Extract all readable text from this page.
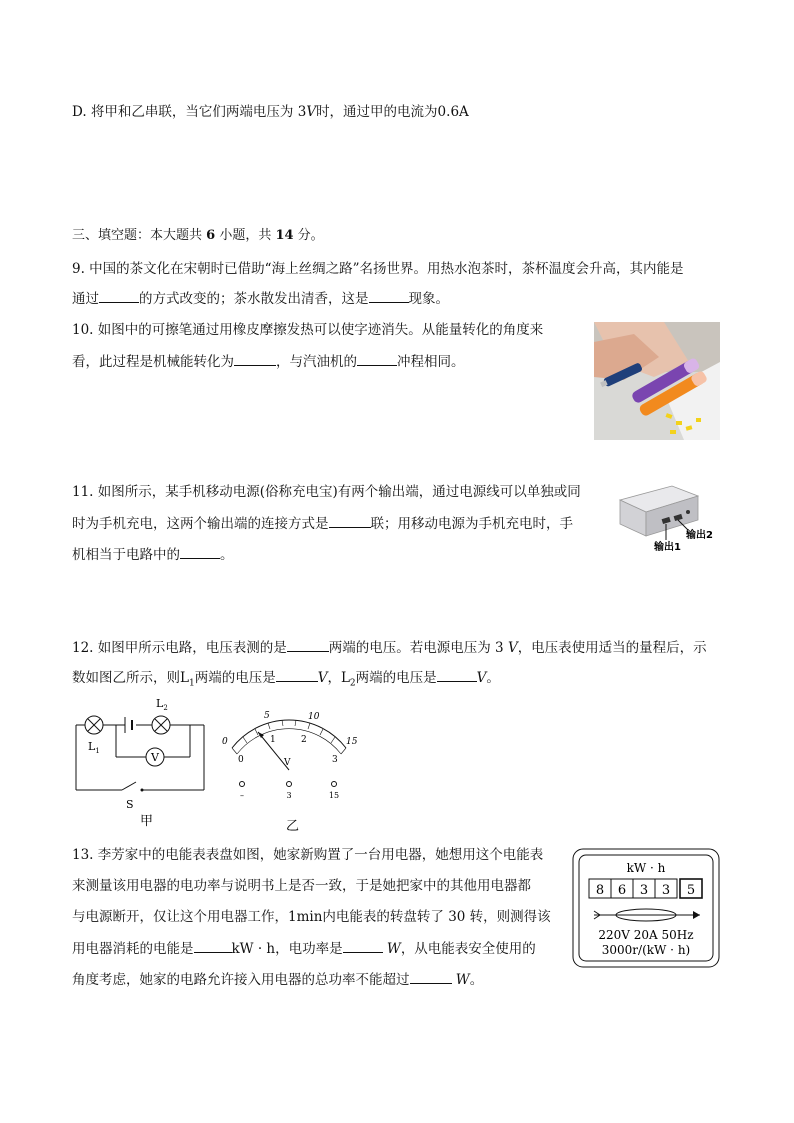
D. 将甲和乙串联，当它们两端电压为 3V时，通过甲的电流为0.6A
三、填空题：本大题共 6 小题，共 14 分。
9. 中国的茶文化在宋朝时已借助“海上丝绸之路”名扬世界。用热水泡茶时，茶杯温度会升高，其内能是
通过	的方式改变的；茶水散发出清香，这是	现象。
10. 如图中的可擦笔通过用橡皮摩擦发热可以使字迹消失。从能量转化的角度来
看，此过程是机械能转化为	，与汽油机的	冲程相同。
11. 如图所示，某手机移动电源(俗称充电宝)有两个输出端，通过电源线可以单独或同
时为手机充电，这两个输出端的连接方式是	联；用移动电源为手机充电时，手
机相当于电路中的	。	输出1
输出2
12. 如图甲所示电路，电压表测的是	两端的电压。若电源电压为 3 V，电压表使用适当的量程后，示
数如图乙所示，则$L_1$两端的电压是	V，$L_2$两端的电压是	V。
V
$L_1$
$L_2$
S
甲
0
5	10
15
0
1	2
3
V
–	3	15
乙
13. 李芳家中的电能表表盘如图，她家新购置了一台用电器，她想用这个电能表
来测量该用电器的电功率与说明书上是否一致，于是她把家中的其他用电器都
与电源断开，仅让这个用电器工作，1min内电能表的转盘转了 30 转，则测得该
用电器消耗的电能是	kW · h，电功率是	W，从电能表安全使用的
角度考虑，她家的电路允许接入用电器的总功率不能超过	W。
kW · h
8 6 3 3 5
220V 20A 50Hz
3000r/(kW · h)
